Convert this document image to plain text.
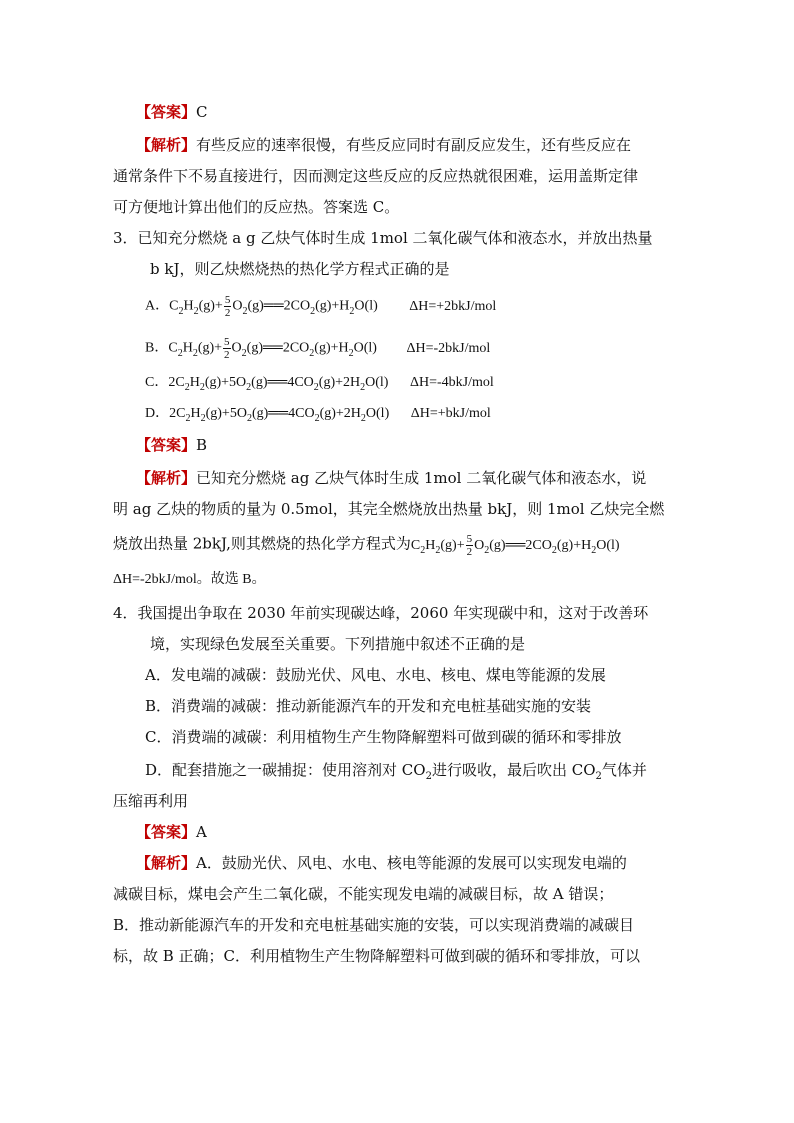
【答案】C
【解析】有些反应的速率很慢，有些反应同时有副反应发生，还有些反应在
通常条件下不易直接进行，因而测定这些反应的反应热就很困难，运用盖斯定律
可方便地计算出他们的反应热。答案选 C。
3．已知充分燃烧 a g 乙炔气体时生成 1mol 二氧化碳气体和液态水，并放出热量
b kJ，则乙炔燃烧热的热化学方程式正确的是
A．$C_2H_2(g)+ \frac{5}{2}$ $O_2(g)══2CO_2(g)+H_2O(l)$ ΔH=+2bkJ/mol
B．$C_2H_2(g)+ \frac{5}{2}$ $O_2(g)══2CO_2(g)+H_2O(l)$ ΔH=-2bkJ/mol
C．$2C_2H_2(g)+5O_2(g)══4CO_2(g)+2H_2O(l)$ ΔH=-4bkJ/mol
D．$2C_2H_2(g)+5O_2(g)══4CO_2(g)+2H_2O(l)$ ΔH=+bkJ/mol
【答案】B
【解析】已知充分燃烧 ag 乙炔气体时生成 1mol 二氧化碳气体和液态水，说
明 ag 乙炔的物质的量为 0.5mol，其完全燃烧放出热量 bkJ，则 1mol 乙炔完全燃
烧放出热量 2bkJ,则其燃烧的热化学方程式为$C_2H_2(g)+ \frac{5}{2}$ $O_2(g)══2CO_2(g)+H_2O(l)$
ΔH=-2bkJ/mol。故选 B。
4．我国提出争取在 2030 年前实现碳达峰，2060 年实现碳中和，这对于改善环
境，实现绿色发展至关重要。下列措施中叙述不正确的是
A．发电端的减碳：鼓励光伏、风电、水电、核电、煤电等能源的发展
B．消费端的减碳：推动新能源汽车的开发和充电桩基础实施的安装
C．消费端的减碳：利用植物生产生物降解塑料可做到碳的循环和零排放
D．配套措施之一碳捕捉：使用溶剂对 $CO_2$进行吸收，最后吹出 $CO_2$气体并
压缩再利用
【答案】A
【解析】A．鼓励光伏、风电、水电、核电等能源的发展可以实现发电端的
减碳目标，煤电会产生二氧化碳，不能实现发电端的减碳目标，故 A 错误；
B．推动新能源汽车的开发和充电桩基础实施的安装，可以实现消费端的减碳目
标，故 B 正确；C．利用植物生产生物降解塑料可做到碳的循环和零排放，可以
